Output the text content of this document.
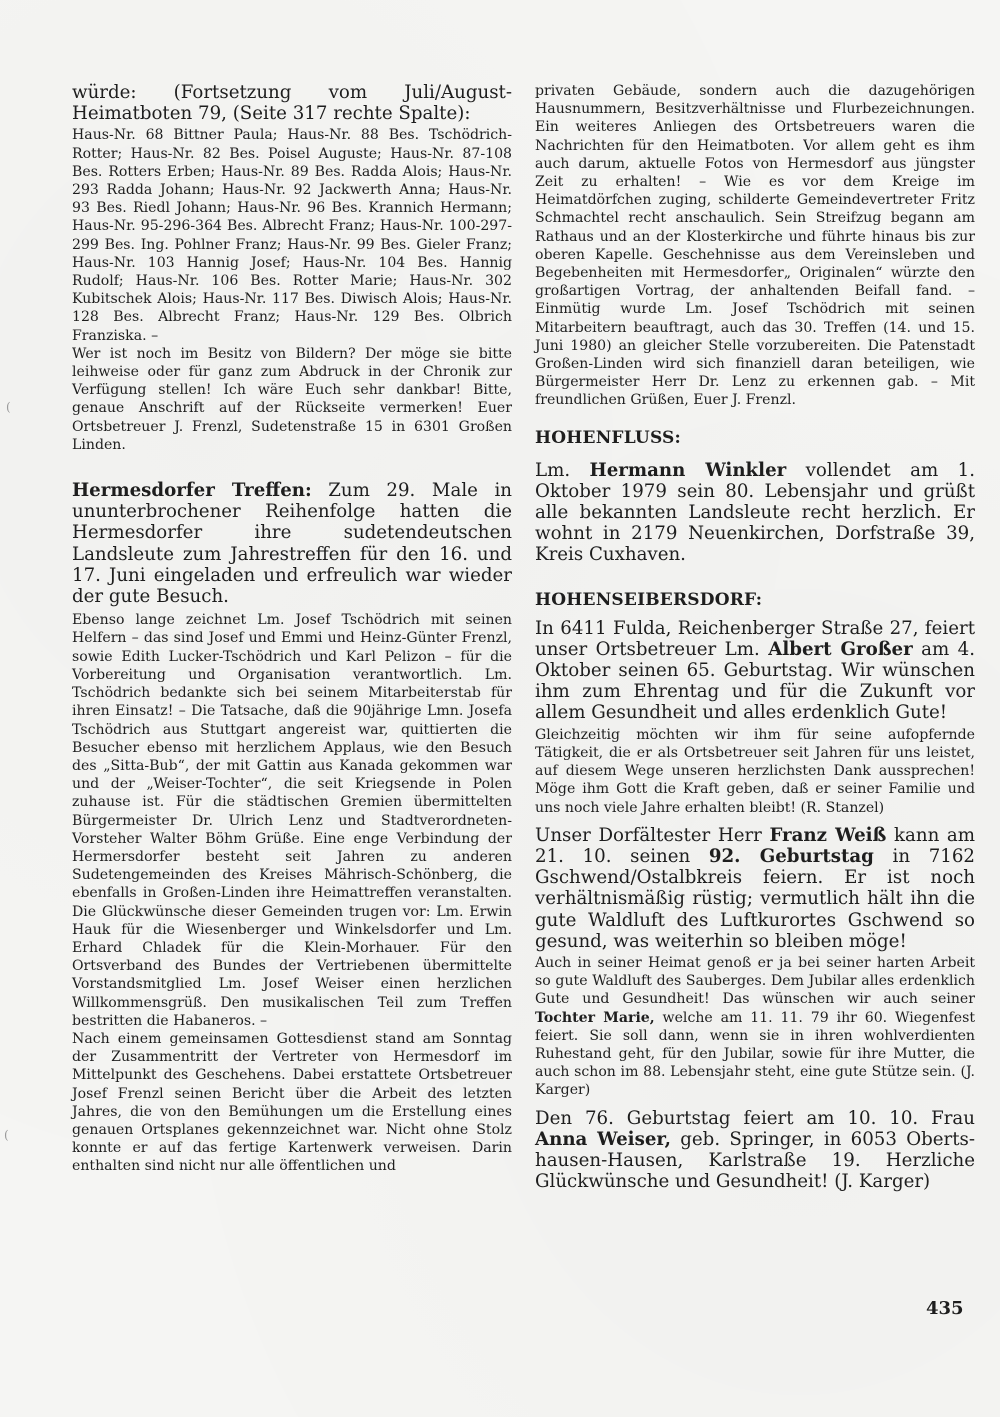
würde: (Fortsetzung vom Juli/August-Heimatboten 79, (Seite 317 rechte Spalte):

Haus-Nr. 68 Bittner Paula; Haus-Nr. 88 Bes. Tschödrich-Rotter; Haus-Nr. 82 Bes. Poisel Auguste; Haus-Nr. 87-108 Bes. Rotters Erben; Haus-Nr. 89 Bes. Radda Alois; Haus-Nr. 293 Radda Johann; Haus-Nr. 92 Jackwerth Anna; Haus-Nr. 93 Bes. Riedl Johann; Haus-Nr. 96 Bes. Krannich Hermann; Haus-Nr. 95-296-364 Bes. Albrecht Franz; Haus-Nr. 100-297-299 Bes. Ing. Pohlner Franz; Haus-Nr. 99 Bes. Gieler Franz; Haus-Nr. 103 Hannig Josef; Haus-Nr. 104 Bes. Hannig Rudolf; Haus-Nr. 106 Bes. Rotter Marie; Haus-Nr. 302 Kubitschek Alois; Haus-Nr. 117 Bes. Diwisch Alois; Haus-Nr. 128 Bes. Albrecht Franz; Haus-Nr. 129 Bes. Olbrich Franziska. –

Wer ist noch im Besitz von Bildern? Der möge sie bitte leihweise oder für ganz zum Abdruck in der Chronik zur Verfügung stellen! Ich wäre Euch sehr dankbar! Bitte, genaue Anschrift auf der Rückseite vermerken! Euer Ortsbetreuer J. Frenzl, Sudetenstraße 15 in 6301 Großen Linden.

Hermesdorfer Treffen: Zum 29. Male in ununterbrochener Reihenfolge hatten die Hermesdorfer ihre sudetendeutschen Landsleute zum Jahrestreffen für den 16. und 17. Juni eingeladen und erfreulich war wieder der gute Besuch.

Ebenso lange zeichnet Lm. Josef Tschödrich mit seinen Helfern – das sind Josef und Emmi und Heinz-Günter Frenzl, sowie Edith Lucker-Tschödrich und Karl Pelizon – für die Vorbereitung und Organisation verantwortlich. Lm. Tschödrich bedankte sich bei seinem Mitarbeiterstab für ihren Einsatz! – Die Tatsache, daß die 90jährige Lmn. Josefa Tschödrich aus Stuttgart angereist war, quittierten die Besucher ebenso mit herzlichem Applaus, wie den Besuch des „Sitta-Bub“, der mit Gattin aus Kanada gekommen war und der „Weiser-Tochter“, die seit Kriegsende in Polen zuhause ist. Für die städtischen Gremien übermittelten Bürgermeister Dr. Ulrich Lenz und Stadtverordneten-Vorsteher Walter Böhm Grüße. Eine enge Verbindung der Hermersdorfer besteht seit Jahren zu anderen Sudetengemeinden des Kreises Mährisch-Schönberg, die ebenfalls in Großen-Linden ihre Heimattreffen veranstalten. Die Glückwünsche dieser Gemeinden trugen vor: Lm. Erwin Hauk für die Wiesenberger und Winkelsdorfer und Lm. Erhard Chladek für die Klein-Morhauer. Für den Ortsverband des Bundes der Vertriebenen übermittelte Vorstandsmitglied Lm. Josef Weiser einen herzlichen Willkommensgrüß. Den musikalischen Teil zum Treffen bestritten die Habaneros. –

Nach einem gemeinsamen Gottesdienst stand am Sonntag der Zusammentritt der Vertreter von Hermesdorf im Mittelpunkt des Geschehens. Dabei erstattete Ortsbetreuer Josef Frenzl seinen Bericht über die Arbeit des letzten Jahres, die von den Bemühungen um die Erstellung eines genauen Ortsplanes gekennzeichnet war. Nicht ohne Stolz konnte er auf das fertige Kartenwerk verweisen. Darin enthalten sind nicht nur alle öffentlichen und

privaten Gebäude, sondern auch die dazugehörigen Hausnummern, Besitzverhältnisse und Flurbezeichnungen. Ein weiteres Anliegen des Ortsbetreuers waren die Nachrichten für den Heimatboten. Vor allem geht es ihm auch darum, aktuelle Fotos von Hermesdorf aus jüngster Zeit zu erhalten! – Wie es vor dem Kreige im Heimatdörfchen zuging, schilderte Gemeindevertreter Fritz Schmachtel recht anschaulich. Sein Streifzug begann am Rathaus und an der Klosterkirche und führte hinaus bis zur oberen Kapelle. Geschehnisse aus dem Vereinsleben und Begebenheiten mit Hermesdorfer„ Originalen“ würzte den großartigen Vortrag, der anhaltenden Beifall fand. – Einmütig wurde Lm. Josef Tschödrich mit seinen Mitarbeitern beauftragt, auch das 30. Treffen (14. und 15. Juni 1980) an gleicher Stelle vorzubereiten. Die Patenstadt Großen-Linden wird sich finanziell daran beteiligen, wie Bürgermeister Herr Dr. Lenz zu erkennen gab. – Mit freundlichen Grüßen, Euer J. Frenzl.

HOHENFLUSS:

Lm. Hermann Winkler vollendet am 1. Oktober 1979 sein 80. Lebensjahr und grüßt alle bekannten Landsleute recht herzlich. Er wohnt in 2179 Neuenkirchen, Dorfstraße 39, Kreis Cuxhaven.

HOHENSEIBERSDORF:

In 6411 Fulda, Reichenberger Straße 27, feiert unser Ortsbetreuer Lm. Albert Großer am 4. Oktober seinen 65. Geburtstag. Wir wünschen ihm zum Ehrentag und für die Zukunft vor allem Gesundheit und alles erdenklich Gute!

Gleichzeitig möchten wir ihm für seine aufopfernde Tätigkeit, die er als Ortsbetreuer seit Jahren für uns leistet, auf diesem Wege unseren herzlichsten Dank aussprechen! Möge ihm Gott die Kraft geben, daß er seiner Familie und uns noch viele Jahre erhalten bleibt! (R. Stanzel)

Unser Dorfältester Herr Franz Weiß kann am 21. 10. seinen 92. Geburtstag in 7162 Gschwend/Ostalbkreis feiern. Er ist noch verhältnismäßig rüstig; vermutlich hält ihn die gute Waldluft des Luftkurortes Gschwend so gesund, was weiterhin so bleiben möge!

Auch in seiner Heimat genoß er ja bei seiner harten Arbeit so gute Waldluft des Sauberges. Dem Jubilar alles erdenklich Gute und Gesundheit! Das wünschen wir auch seiner Tochter Marie, welche am 11. 11. 79 ihr 60. Wiegenfest feiert. Sie soll dann, wenn sie in ihren wohlverdienten Ruhestand geht, für den Jubilar, sowie für ihre Mutter, die auch schon im 88. Lebensjahr steht, eine gute Stütze sein. (J. Karger)

Den 76. Geburtstag feiert am 10. 10. Frau Anna Weiser, geb. Springer, in 6053 Oberts-hausen-Hausen, Karlstraße 19. Herzliche Glückwünsche und Gesundheit! (J. Karger)

435
(
(
